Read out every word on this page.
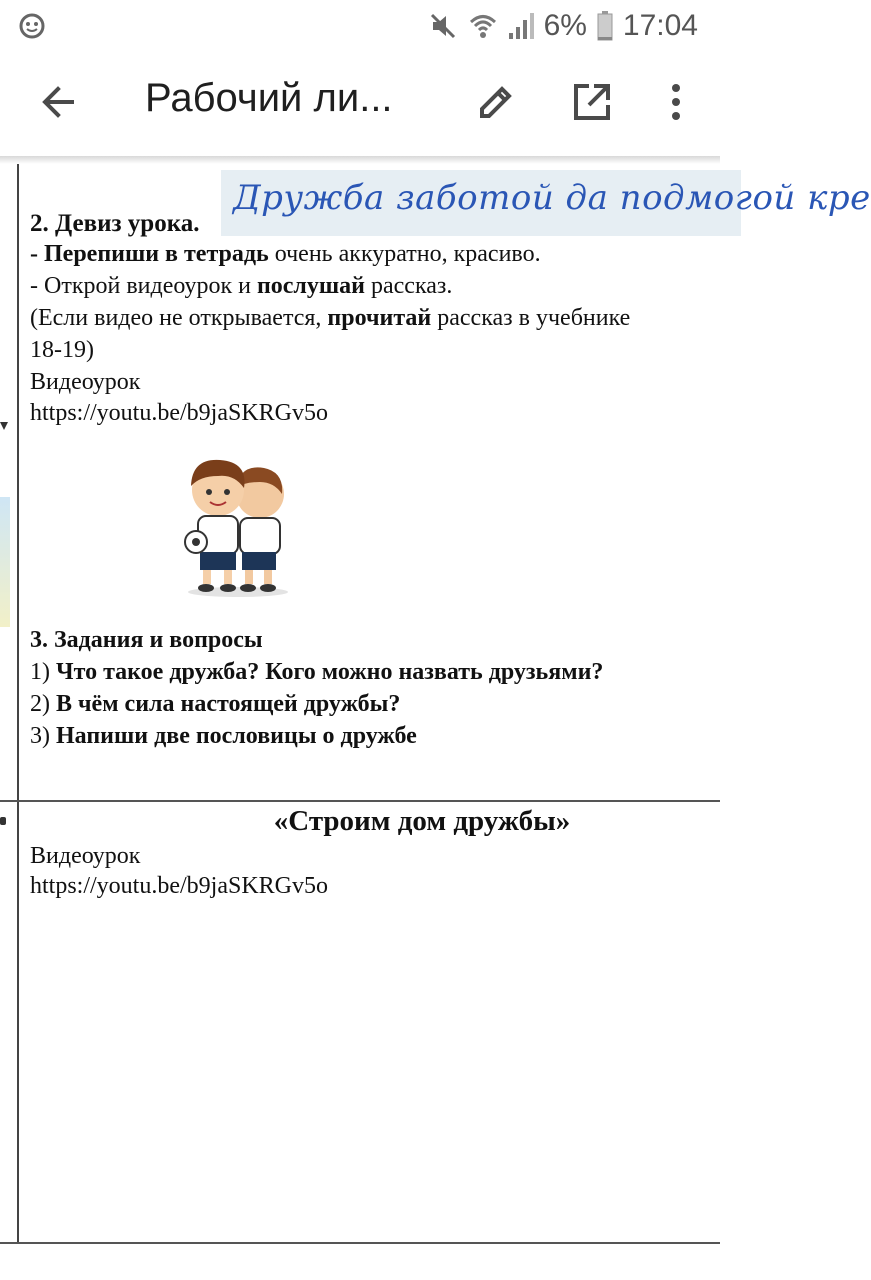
6% 17:04
Рабочий ли...
Дружба заботой да подмогой кре
2. Девиз урока.
- Перепиши в тетрадь очень аккуратно, красиво.
- Открой видеоурок и послушай рассказ.
(Если видео не открывается, прочитай рассказ в учебнике
18-19)
Видеоурок
https://youtu.be/b9jaSKRGv5o
3. Задания и вопросы
1) Что такое дружба? Кого можно назвать друзьями?
2) В чём сила настоящей дружбы?
3) Напиши две пословицы о дружбе
«Строим дом дружбы»
Видеоурок
https://youtu.be/b9jaSKRGv5o
